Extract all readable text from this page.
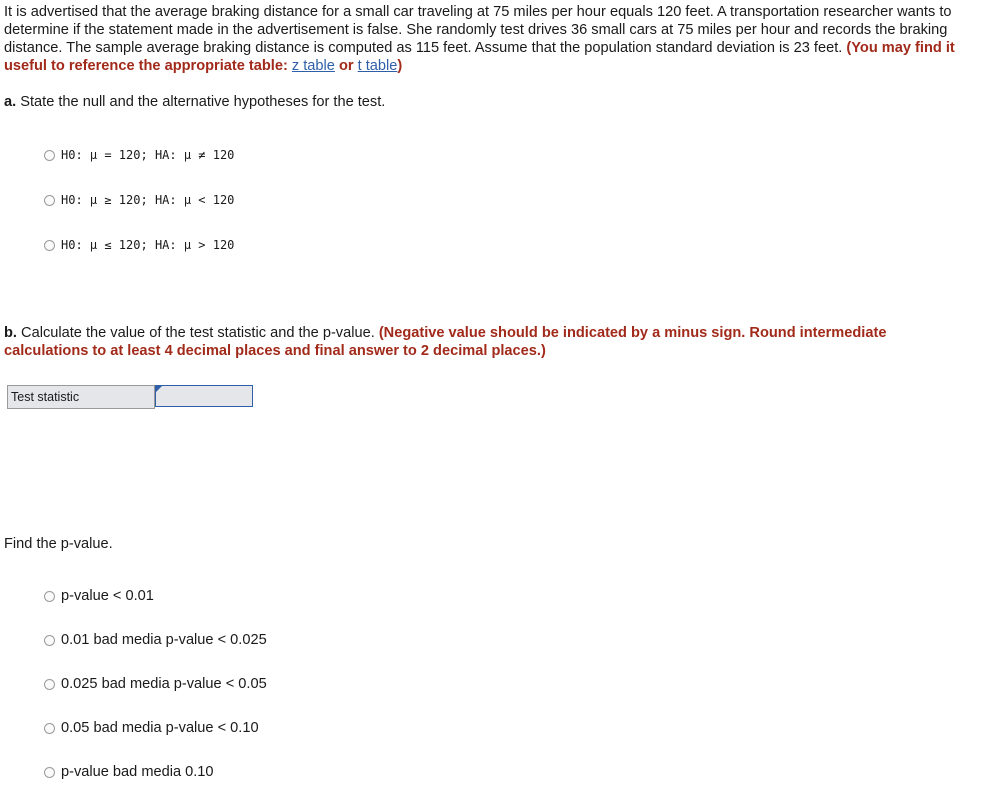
It is advertised that the average braking distance for a small car traveling at 75 miles per hour equals 120 feet. A transportation researcher wants to determine if the statement made in the advertisement is false. She randomly test drives 36 small cars at 75 miles per hour and records the braking distance. The sample average braking distance is computed as 115 feet. Assume that the population standard deviation is 23 feet. (You may find it useful to reference the appropriate table: z table or t table)

a. State the null and the alternative hypotheses for the test.

H0: μ = 120;
HA: μ ≠ 120
H0: μ ≥ 120;
HA: μ < 120
H0: μ ≤ 120;
HA: μ > 120

b. Calculate the value of the test statistic and the p-value. (Negative value should be indicated by a minus sign. Round intermediate calculations to at least 4 decimal places and final answer to 2 decimal places.)

Test statistic

Find the p-value.

p-value < 0.01
0.01 bad media p-value < 0.025
0.025 bad media p-value < 0.05
0.05 bad media p-value < 0.10
p-value bad media 0.10
